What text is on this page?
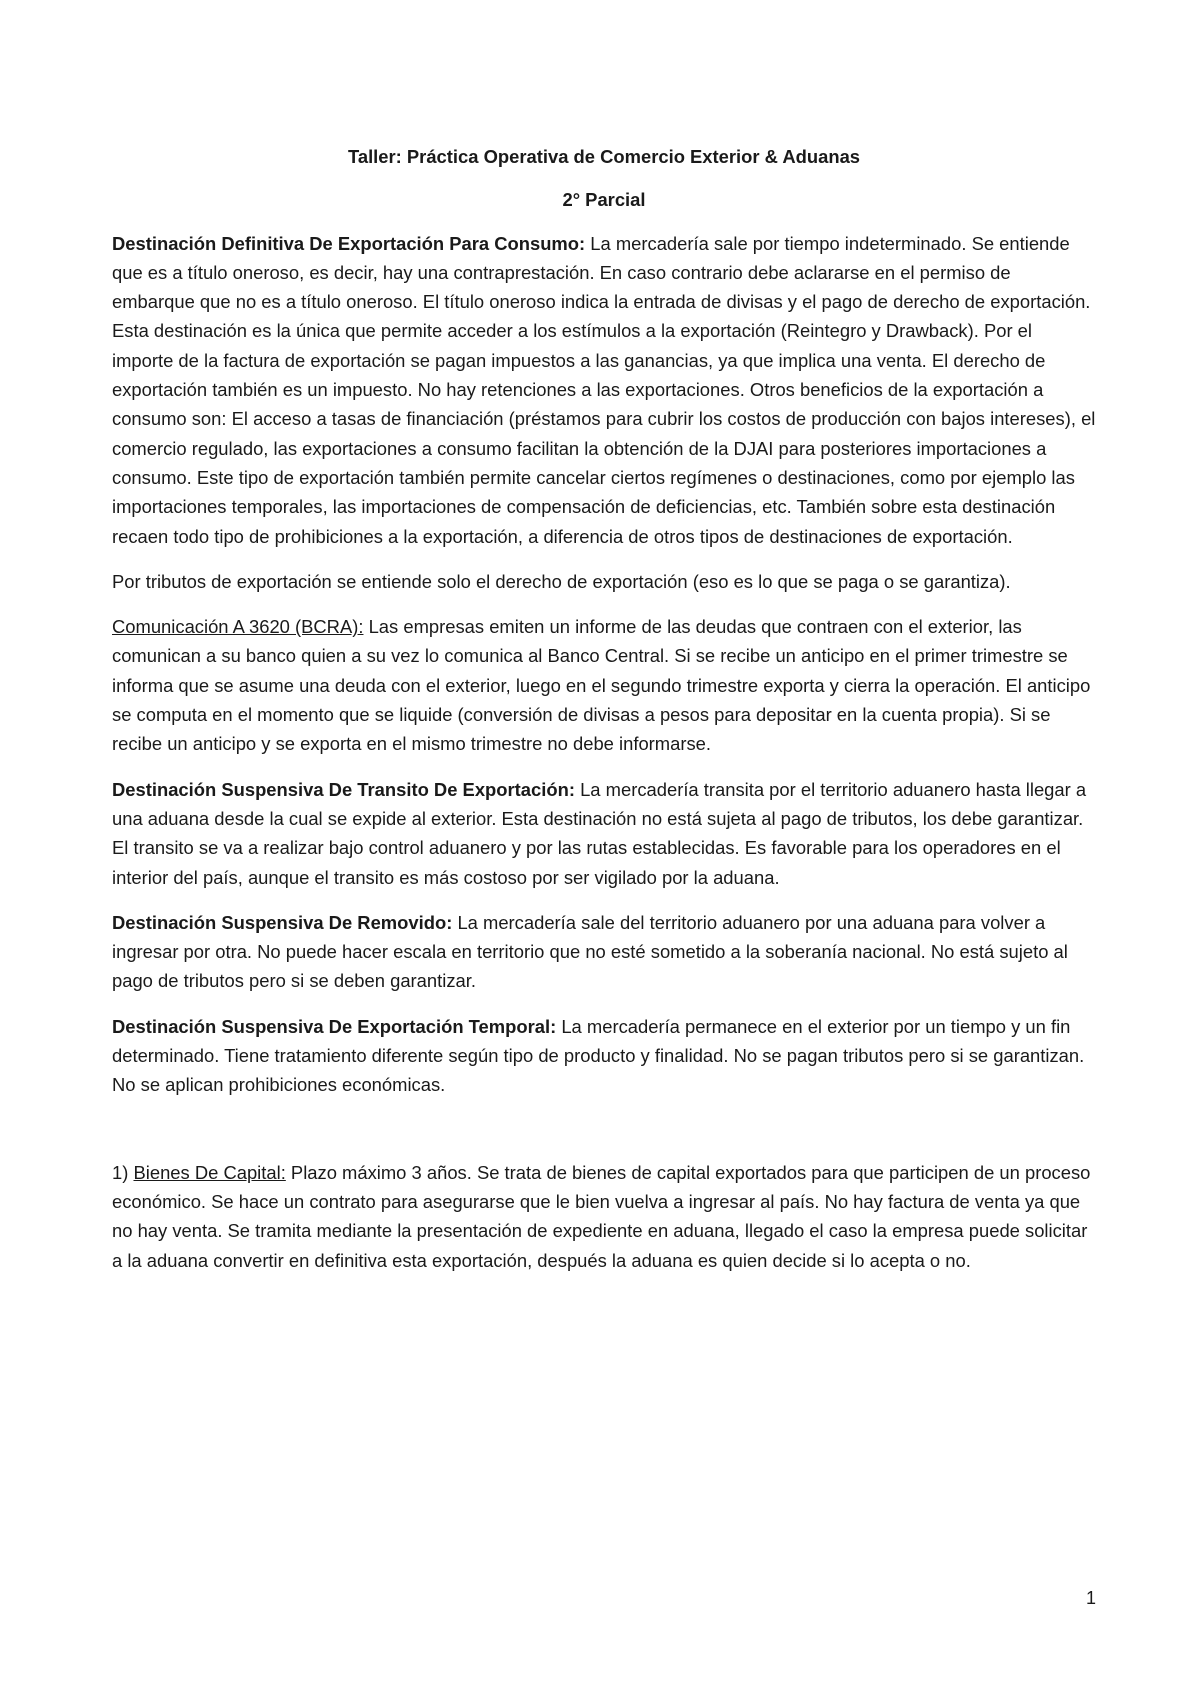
Taller: Práctica Operativa de Comercio Exterior & Aduanas
2° Parcial

Destinación Definitiva De Exportación Para Consumo: La mercadería sale por tiempo indeterminado. Se entiende que es a título oneroso, es decir, hay una contraprestación. En caso contrario debe aclararse en el permiso de embarque que no es a título oneroso. El título oneroso indica la entrada de divisas y el pago de derecho de exportación. Esta destinación es la única que permite acceder a los estímulos a la exportación (Reintegro y Drawback). Por el importe de la factura de exportación se pagan impuestos a las ganancias, ya que implica una venta. El derecho de exportación también es un impuesto. No hay retenciones a las exportaciones. Otros beneficios de la exportación a consumo son: El acceso a tasas de financiación (préstamos para cubrir los costos de producción con bajos intereses), el comercio regulado, las exportaciones a consumo facilitan la obtención de la DJAI para posteriores importaciones a consumo. Este tipo de exportación también permite cancelar ciertos regímenes o destinaciones, como por ejemplo las importaciones temporales, las importaciones de compensación de deficiencias, etc. También sobre esta destinación recaen todo tipo de prohibiciones a la exportación, a diferencia de otros tipos de destinaciones de exportación.

Por tributos de exportación se entiende solo el derecho de exportación (eso es lo que se paga o se garantiza).

Comunicación A 3620 (BCRA): Las empresas emiten un informe de las deudas que contraen con el exterior, las comunican a su banco quien a su vez lo comunica al Banco Central. Si se recibe un anticipo en el primer trimestre se informa que se asume una deuda con el exterior, luego en el segundo trimestre exporta y cierra la operación. El anticipo se computa en el momento que se liquide (conversión de divisas a pesos para depositar en la cuenta propia). Si se recibe un anticipo y se exporta en el mismo trimestre no debe informarse.

Destinación Suspensiva De Transito De Exportación: La mercadería transita por el territorio aduanero hasta llegar a una aduana desde la cual se expide al exterior. Esta destinación no está sujeta al pago de tributos, los debe garantizar. El transito se va a realizar bajo control aduanero y por las rutas establecidas. Es favorable para los operadores en el interior del país, aunque el transito es más costoso por ser vigilado por la aduana.

Destinación Suspensiva De Removido: La mercadería sale del territorio aduanero por una aduana para volver a ingresar por otra. No puede hacer escala en territorio que no esté sometido a la soberanía nacional. No está sujeto al pago de tributos pero si se deben garantizar.

Destinación Suspensiva De Exportación Temporal: La mercadería permanece en el exterior por un tiempo y un fin determinado. Tiene tratamiento diferente según tipo de producto y finalidad. No se pagan tributos pero si se garantizan. No se aplican prohibiciones económicas.

1) Bienes De Capital: Plazo máximo 3 años. Se trata de bienes de capital exportados para que participen de un proceso económico. Se hace un contrato para asegurarse que le bien vuelva a ingresar al país. No hay factura de venta ya que no hay venta. Se tramita mediante la presentación de expediente en aduana, llegado el caso la empresa puede solicitar a la aduana convertir en definitiva esta exportación, después la aduana es quien decide si lo acepta o no.

1
